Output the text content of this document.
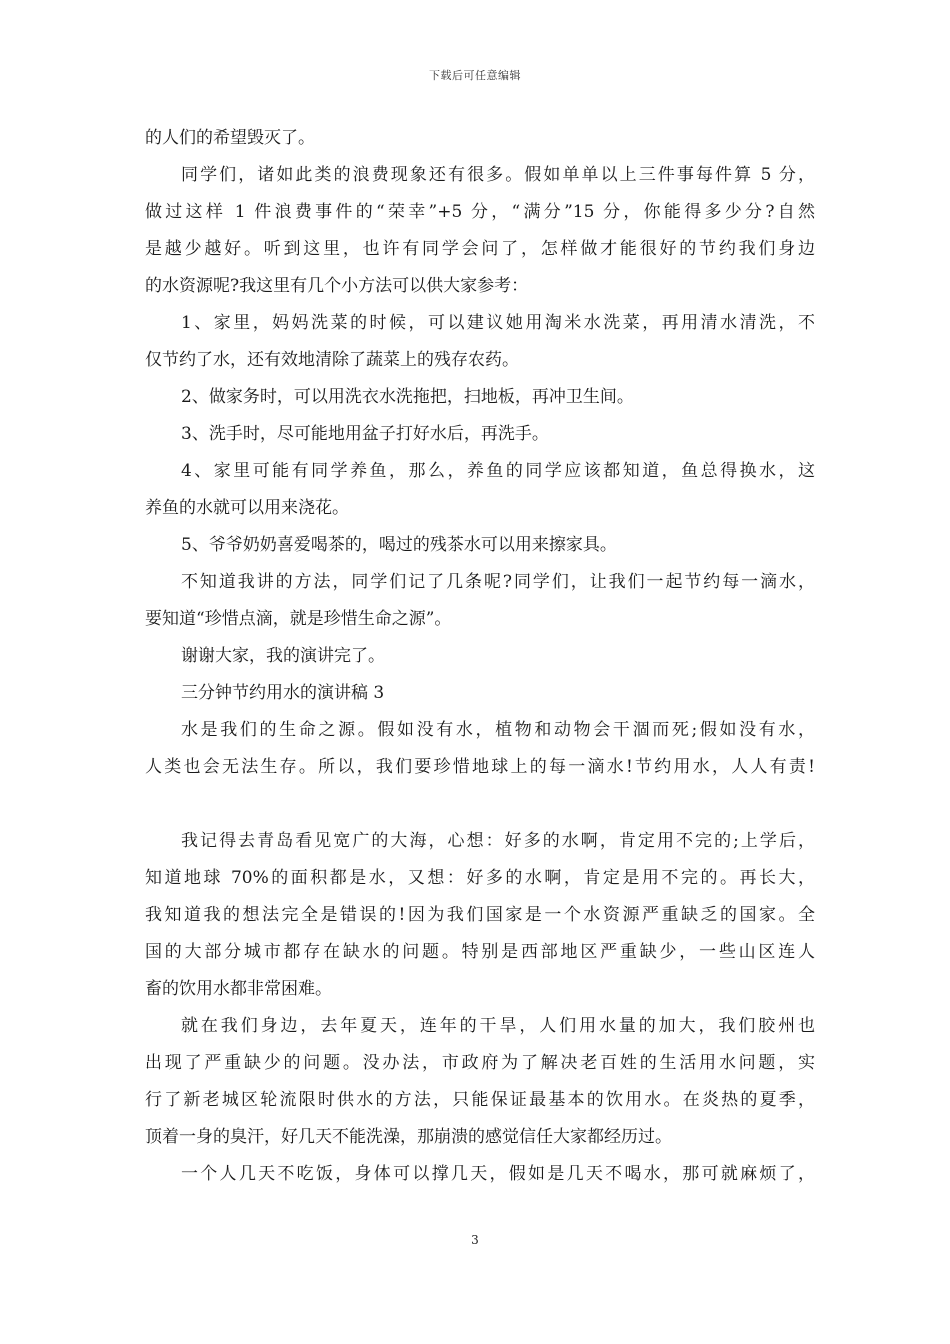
下载后可任意编辑
的人们的希望毁灭了。
同学们，诸如此类的浪费现象还有很多。假如单单以上三件事每件算 5 分，
做过这样 1 件浪费事件的“荣幸”+5 分，“满分”15 分，你能得多少分?自然
是越少越好。听到这里，也许有同学会问了，怎样做才能很好的节约我们身边
的水资源呢?我这里有几个小方法可以供大家参考：
1、家里，妈妈洗菜的时候，可以建议她用淘米水洗菜，再用清水清洗，不
仅节约了水，还有效地清除了蔬菜上的残存农药。
2、做家务时，可以用洗衣水洗拖把，扫地板，再冲卫生间。
3、洗手时，尽可能地用盆子打好水后，再洗手。
4、家里可能有同学养鱼，那么，养鱼的同学应该都知道，鱼总得换水，这
养鱼的水就可以用来浇花。
5、爷爷奶奶喜爱喝茶的，喝过的残茶水可以用来擦家具。
不知道我讲的方法，同学们记了几条呢?同学们，让我们一起节约每一滴水，
要知道“珍惜点滴，就是珍惜生命之源”。
谢谢大家，我的演讲完了。
三分钟节约用水的演讲稿 3
水是我们的生命之源。假如没有水，植物和动物会干涸而死;假如没有水，
人类也会无法生存。所以，我们要珍惜地球上的每一滴水!节约用水，人人有责!
我记得去青岛看见宽广的大海，心想：好多的水啊，肯定用不完的;上学后，
知道地球 70%的面积都是水，又想：好多的水啊，肯定是用不完的。再长大，
我知道我的想法完全是错误的!因为我们国家是一个水资源严重缺乏的国家。全
国的大部分城市都存在缺水的问题。特别是西部地区严重缺少，一些山区连人
畜的饮用水都非常困难。
就在我们身边，去年夏天，连年的干旱，人们用水量的加大，我们胶州也
出现了严重缺少的问题。没办法，市政府为了解决老百姓的生活用水问题，实
行了新老城区轮流限时供水的方法，只能保证最基本的饮用水。在炎热的夏季，
顶着一身的臭汗，好几天不能洗澡，那崩溃的感觉信任大家都经历过。
一个人几天不吃饭，身体可以撑几天，假如是几天不喝水，那可就麻烦了，
3
